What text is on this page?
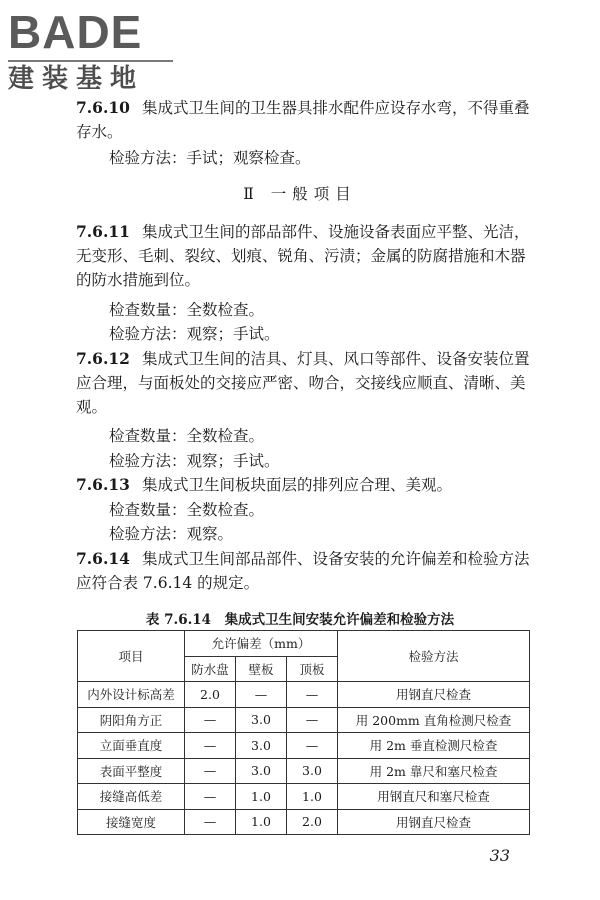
BADE
建装基地

7.6.10 集成式卫生间的卫生器具排水配件应设存水弯，不得重叠存水。

检验方法：手试；观察检查。
Ⅱ 一般项目

7.6.11 集成式卫生间的部品部件、设施设备表面应平整、光洁，无变形、毛刺、裂纹、划痕、锐角、污渍；金属的防腐措施和木器的防水措施到位。

检查数量：全数检查。
检验方法：观察；手试。

7.6.12 集成式卫生间的洁具、灯具、风口等部件、设备安装位置应合理，与面板处的交接应严密、吻合，交接线应顺直、清晰、美观。

检查数量：全数检查。
检验方法：观察；手试。

7.6.13 集成式卫生间板块面层的排列应合理、美观。

检查数量：全数检查。
检验方法：观察。

7.6.14 集成式卫生间部品部件、设备安装的允许偏差和检验方法应符合表 7.6.14 的规定。

表 7.6.14　集成式卫生间安装允许偏差和检验方法
项目	允许偏差（mm）			检验方法
	防水盘	壁板	顶板	
内外设计标高差	2.0	—	—	用钢直尺检查
阴阳角方正	—	3.0	—	用 200mm 直角检测尺检查
立面垂直度	—	3.0	—	用 2m 垂直检测尺检查
表面平整度	—	3.0	3.0	用 2m 靠尺和塞尺检查
接缝高低差	—	1.0	1.0	用钢直尺和塞尺检查
接缝宽度	—	1.0	2.0	用钢直尺检查
33
